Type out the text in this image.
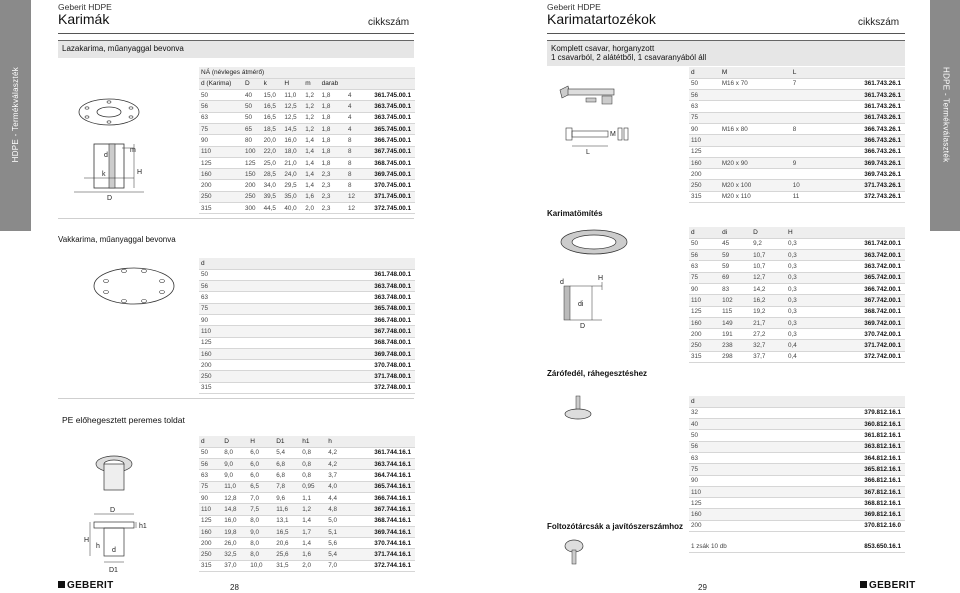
HDPE - Termékválaszték
Geberit HDPE
Karimák	cikkszám
Lazakarima, műanyaggal bevonva
d
m
k	H
D
NÁ (névleges átmérő)							
d (Karima)	D	k	H	m	darab		
50	40	15,0	11,0	1,2	1,8	4	361.745.00.1
56	50	16,5	12,5	1,2	1,8	4	363.745.00.1
63	50	16,5	12,5	1,2	1,8	4	363.745.00.1
75	65	18,5	14,5	1,2	1,8	4	365.745.00.1
90	80	20,0	16,0	1,4	1,8	8	366.745.00.1
110	100	22,0	18,0	1,4	1,8	8	367.745.00.1
125	125	25,0	21,0	1,4	1,8	8	368.745.00.1
160	150	28,5	24,0	1,4	2,3	8	369.745.00.1
200	200	34,0	29,5	1,4	2,3	8	370.745.00.1
250	250	39,5	35,0	1,6	2,3	12	371.745.00.1
315	300	44,5	40,0	2,0	2,3	12	372.745.00.1
Vakkarima, műanyaggal bevonva
d	
50	361.748.00.1
56	363.748.00.1
63	363.748.00.1
75	365.748.00.1
90	366.748.00.1
110	367.748.00.1
125	368.748.00.1
160	369.748.00.1
200	370.748.00.1
250	371.748.00.1
315	372.748.00.1
PE előhegesztett peremes toldat
D
h1
H
h
d
D1
d	D	H	D1	h1	h	
50	8,0	6,0	5,4	0,8	4,2	361.744.16.1
56	9,0	6,0	6,8	0,8	4,2	363.744.16.1
63	9,0	6,0	6,8	0,8	3,7	364.744.16.1
75	11,0	6,5	7,8	0,95	4,0	365.744.16.1
90	12,8	7,0	9,6	1,1	4,4	366.744.16.1
110	14,8	7,5	11,6	1,2	4,8	367.744.16.1
125	16,0	8,0	13,1	1,4	5,0	368.744.16.1
160	19,8	9,0	16,5	1,7	5,1	369.744.16.1
200	26,0	8,0	20,6	1,4	5,6	370.744.16.1
250	32,5	8,0	25,6	1,6	5,4	371.744.16.1
315	37,0	10,0	31,5	2,0	7,0	372.744.16.1
GEBERIT	28
HDPE - Termékválaszték
Geberit HDPE
Karimatartozékok	cikkszám
Komplett csavar, horganyzott
1 csavarból, 2 alátétből, 1 csavaranyából áll
M
L
d	M	L	
50	M16 x 70	7	361.743.26.1
56			361.743.26.1
63			361.743.26.1
75			361.743.26.1
90	M16 x 80	8	366.743.26.1
110			366.743.26.1
125			366.743.26.1
160	M20 x 90	9	369.743.26.1
200			369.743.26.1
250	M20 x 100	10	371.743.26.1
315	M20 x 110	11	372.743.26.1
Karimatömítés
d
H
di
D
d	di	D	H	
50	45	9,2	0,3	361.742.00.1
56	59	10,7	0,3	363.742.00.1
63	59	10,7	0,3	363.742.00.1
75	69	12,7	0,3	365.742.00.1
90	83	14,2	0,3	366.742.00.1
110	102	16,2	0,3	367.742.00.1
125	115	19,2	0,3	368.742.00.1
160	149	21,7	0,3	369.742.00.1
200	191	27,2	0,3	370.742.00.1
250	238	32,7	0,4	371.742.00.1
315	298	37,7	0,4	372.742.00.1
Zárófedél, ráhegesztéshez
d	
32	379.812.16.1
40	360.812.16.1
50	361.812.16.1
56	363.812.16.1
63	364.812.16.1
75	365.812.16.1
90	366.812.16.1
110	367.812.16.1
125	368.812.16.1
160	369.812.16.1
200	370.812.16.0
Foltozótárcsák a javítószerszámhoz
1 zsák 10 db	853.650.16.1
GEBERIT
29
